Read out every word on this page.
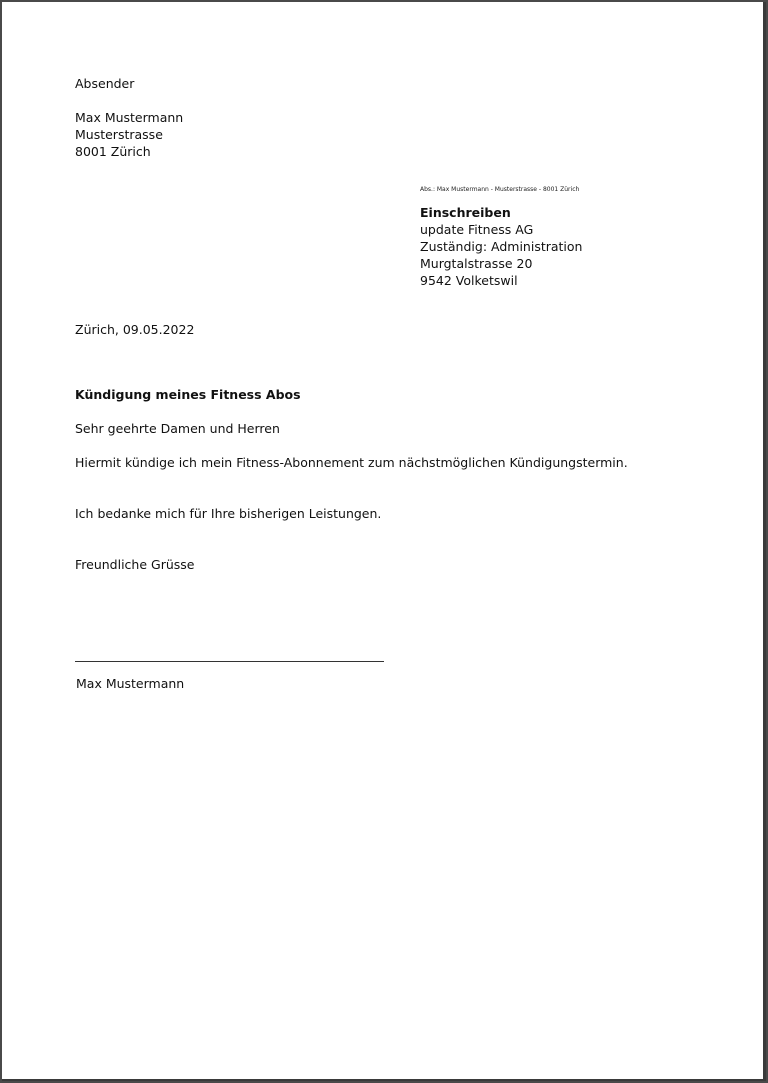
Absender
Max Mustermann
Musterstrasse
8001 Zürich
Abs.: Max Mustermann - Musterstrasse - 8001 Zürich
Einschreiben
update Fitness AG
Zuständig: Administration
Murgtalstrasse 20
9542 Volketswil
Zürich, 09.05.2022
Kündigung meines Fitness Abos
Sehr geehrte Damen und Herren
Hiermit kündige ich mein Fitness-Abonnement zum nächstmöglichen Kündigungstermin.
Ich bedanke mich für Ihre bisherigen Leistungen.
Freundliche Grüsse
Max Mustermann
